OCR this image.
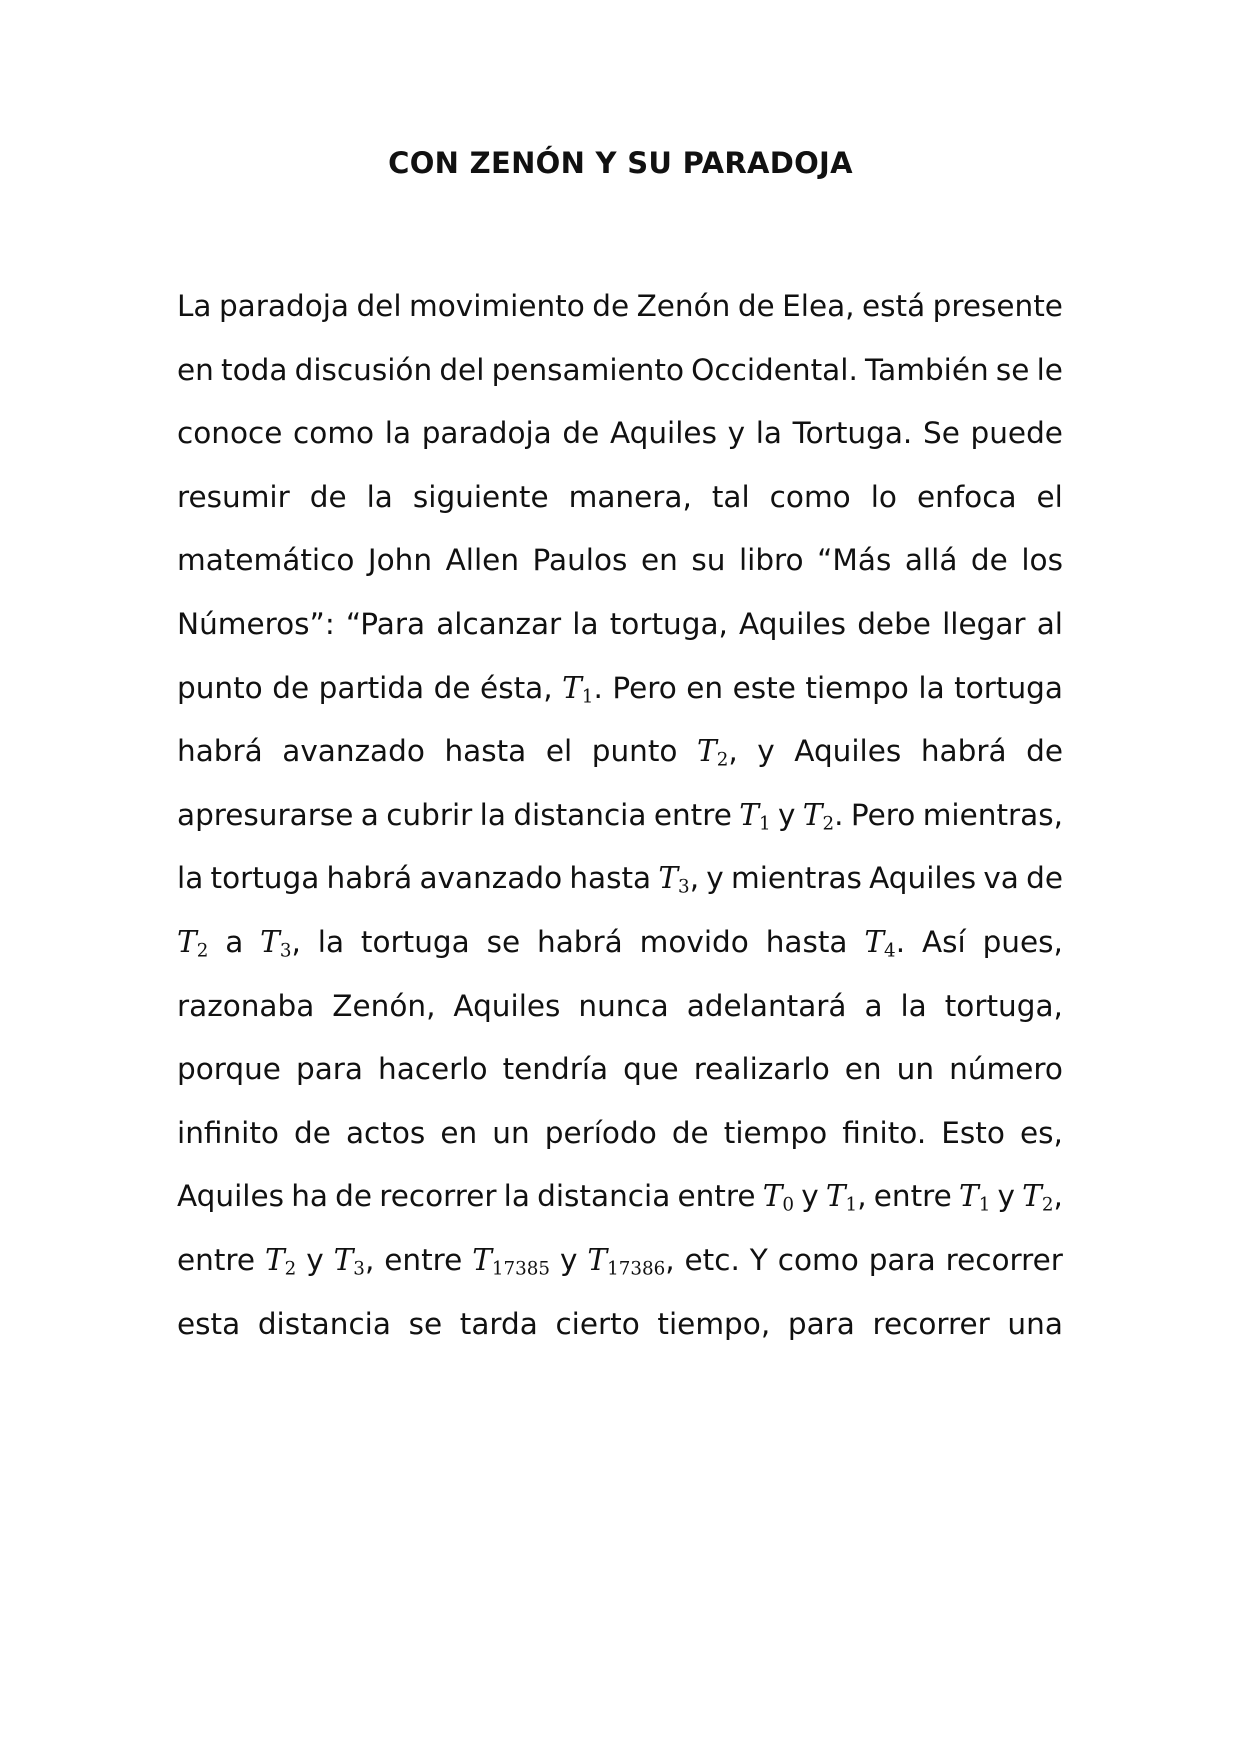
CON ZENÓN Y SU PARADOJA
La paradoja del movimiento de Zenón de Elea, está presente
en toda discusión del pensamiento Occidental. También se le
conoce como la paradoja de Aquiles y la Tortuga. Se puede
resumir de la siguiente manera, tal como lo enfoca el
matemático John Allen Paulos en su libro “Más allá de los
Números”: “Para alcanzar la tortuga, Aquiles debe llegar al
punto de partida de ésta, $T_1$. Pero en este tiempo la tortuga
habrá avanzado hasta el punto $T_2$, y Aquiles habrá de
apresurarse a cubrir la distancia entre $T_1$ y $T_2$. Pero mientras,
la tortuga habrá avanzado hasta $T_3$, y mientras Aquiles va de
$T_2$ a $T_3$, la tortuga se habrá movido hasta $T_4$. Así pues,
razonaba Zenón, Aquiles nunca adelantará a la tortuga,
porque para hacerlo tendría que realizarlo en un número
infinito de actos en un período de tiempo finito. Esto es,
Aquiles ha de recorrer la distancia entre $T_0$ y $T_1$, entre $T_1$ y $T_2$,
entre $T_2$ y $T_3$, entre $T_{17385}$ y $T_{17386}$, etc. Y como para recorrer
esta distancia se tarda cierto tiempo, para recorrer una
